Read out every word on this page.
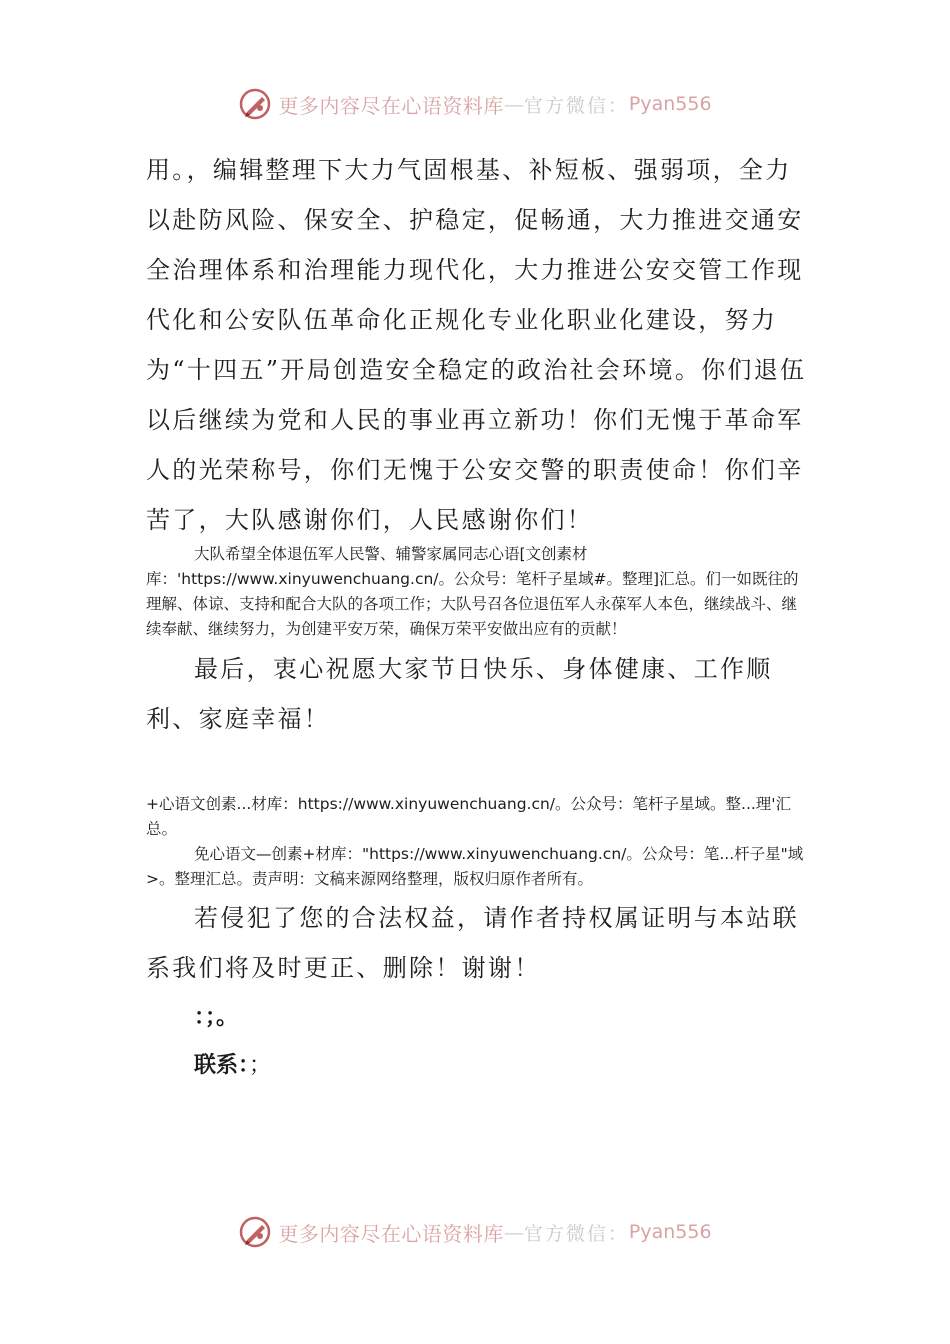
更多内容尽在心语资料库 — 官方微信： Pyan556
用。，编辑整理下大力气固根基、补短板、强弱项，全力以赴防风险、保安全、护稳定，促畅通，大力推进交通安全治理体系和治理能力现代化，大力推进公安交管工作现代化和公安队伍革命化正规化专业化职业化建设，努力为“十四五”开局创造安全稳定的政治社会环境。你们退伍以后继续为党和人民的事业再立新功！你们无愧于革命军人的光荣称号，你们无愧于公安交警的职责使命！你们辛苦了，大队感谢你们，人民感谢你们！
大队希望全体退伍军人民警、辅警家属同志心语[文创素材库：'https://www.xinyuwenchuang.cn/。公众号：笔杆子星域#。整理]汇总。们一如既往的理解、体谅、支持和配合大队的各项工作；大队号召各位退伍军人永葆军人本色，继续战斗、继续奉献、继续努力，为创建平安万荣，确保万荣平安做出应有的贡献！
最后，衷心祝愿大家节日快乐、身体健康、工作顺利、家庭幸福！
+心语文创素...材库：https://www.xinyuwenchuang.cn/。公众号：笔杆子星域。整...理'汇总。
免心语文—创素+材库："https://www.xinyuwenchuang.cn/。公众号：笔...杆子星"域>。整理汇总。责声明：文稿来源网络整理，版权归原作者所有。
若侵犯了您的合法权益，请作者持权属证明与本站联系我们将及时更正、删除！谢谢！
：；。
联系：；
更多内容尽在心语资料库 — 官方微信： Pyan556
